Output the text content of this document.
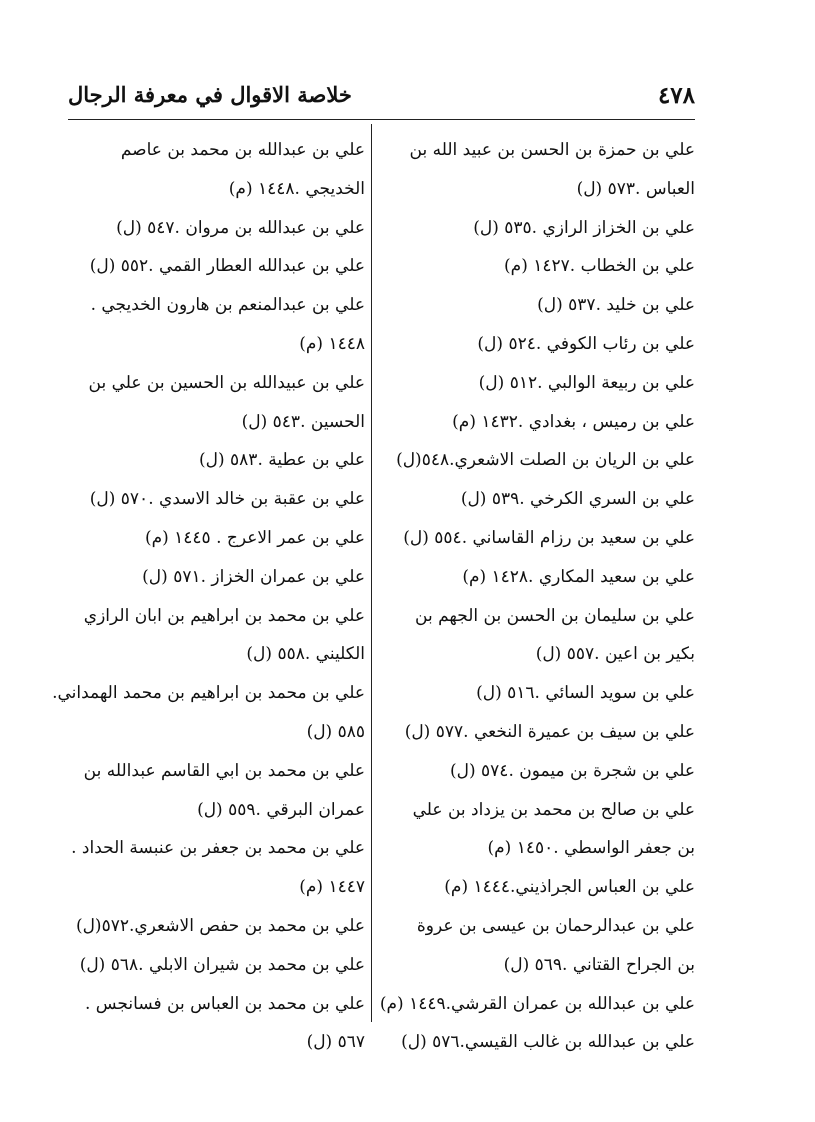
٤٧٨
خلاصة الاقوال في معرفة الرجال
علي بن حمزة بن الحسن بن عبيد الله بن
العباس .٥٧٣ (ل)
علي بن الخزاز الرازي .٥٣٥ (ل)
علي بن الخطاب .١٤٢٧ (م)
علي بن خليد .٥٣٧ (ل)
علي بن رئاب الكوفي .٥٢٤ (ل)
علي بن ربيعة الوالبي .٥١٢ (ل)
علي بن رميس ، بغدادي .١٤٣٢ (م)
علي بن الريان بن الصلت الاشعري.٥٤٨(ل)
علي بن السري الكرخي .٥٣٩ (ل)
علي بن سعيد بن رزام القاساني .٥٥٤ (ل)
علي بن سعيد المكاري .١٤٢٨ (م)
علي بن سليمان بن الحسن بن الجهم بن
بكير بن اعين .٥٥٧ (ل)
علي بن سويد السائي .٥١٦ (ل)
علي بن سيف بن عميرة النخعي .٥٧٧ (ل)
علي بن شجرة بن ميمون .٥٧٤ (ل)
علي بن صالح بن محمد بن يزداد بن علي
بن جعفر الواسطي .١٤٥٠ (م)
علي بن العباس الجراذيني.١٤٤٤ (م)
علي بن عبدالرحمان بن عيسى بن عروة
بن الجراح القتاني .٥٦٩ (ل)
علي بن عبدالله بن عمران القرشي.١٤٤٩ (م)
علي بن عبدالله بن غالب القيسي.٥٧٦ (ل)
علي بن عبدالله بن محمد بن عاصم
الخديجي .١٤٤٨ (م)
علي بن عبدالله بن مروان .٥٤٧ (ل)
علي بن عبدالله العطار القمي .٥٥٢ (ل)
علي بن عبدالمنعم بن هارون الخديجي .
١٤٤٨ (م)
علي بن عبيدالله بن الحسين بن علي بن
الحسين .٥٤٣ (ل)
علي بن عطية .٥٨٣ (ل)
علي بن عقبة بن خالد الاسدي .٥٧٠ (ل)
علي بن عمر الاعرج . ١٤٤٥ (م)
علي بن عمران الخزاز .٥٧١ (ل)
علي بن محمد بن ابراهيم بن ابان الرازي
الكليني .٥٥٨ (ل)
علي بن محمد بن ابراهيم بن محمد الهمداني.
٥٨٥ (ل)
علي بن محمد بن ابي القاسم عبدالله بن
عمران البرقي .٥٥٩ (ل)
علي بن محمد بن جعفر بن عنبسة الحداد .
١٤٤٧ (م)
علي بن محمد بن حفص الاشعري.٥٧٢(ل)
علي بن محمد بن شيران الابلي .٥٦٨ (ل)
علي بن محمد بن العباس بن فسانجس .
٥٦٧ (ل)
